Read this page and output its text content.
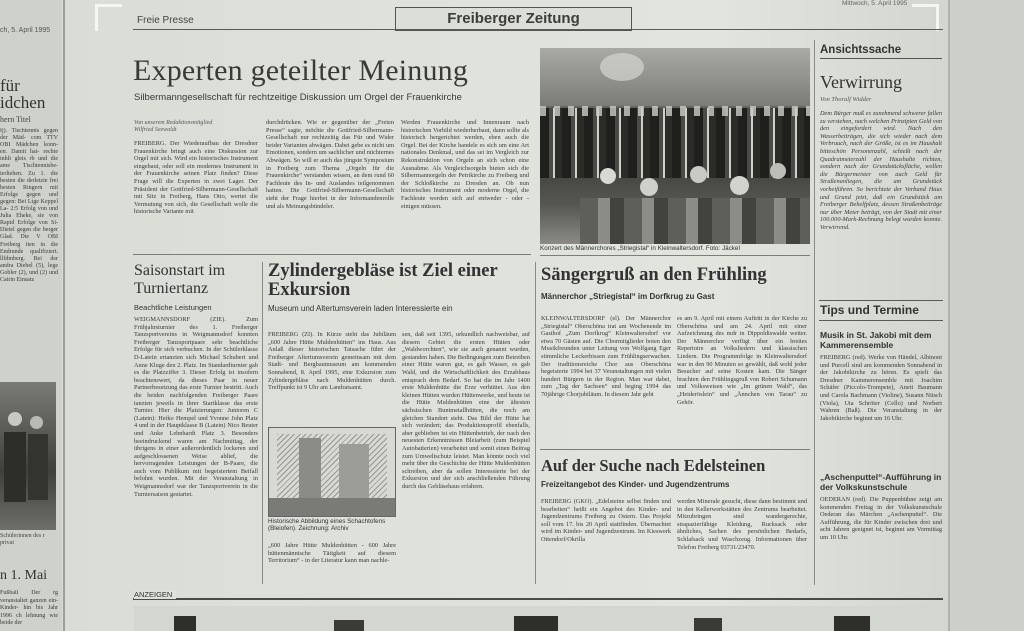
ch, 5. April 1995
für
idchen
hern Titel
fj). Tischtennis gegen der Mäd- com TTV OBI Mädchen konn- en. Damit hat- rechte inhlt gleis rb und die ame Tischtennisbe- ierliehen. Zu 1. die besten die derletzte frei besten Ringern mit Erfolge gegen und gegen: Bei Ltge Keppel La- 2:5 Erfolg von und Julia Eheke, sie von Rapid Erfolge von Si- Dietel gegen die berger Glad. Die V OBI Freiberg iten in die Endrunde qualifiziert. llfdmberg. Bei der andra Diebel (5), lege Gobler (2), und (2) und Catrin Einsatz
Schülerinnen des r privat
n 1. Mai
Fußball Der rg veranstaltet ganzen ein- Kinder- hin bis Jahr 1996 ch lehnung wte beide der
Freie Presse	Freiberger Zeitung
Mittwoch, 5. April 1995
Experten geteilter Meinung
Silbermanngesellschaft für rechtzeitige Diskussion um Orgel der Frauenkirche
Von unserem Redaktionsmitglied
Wilfried Seewaldt
FREIBERG. Der Wiederaufbau der Dresdner Frauenkirche bringt auch eine Diskussion zur Orgel mit sich. Wird ein historisches Instrument eingebaut, oder soll ein modernes Instrument in der Frauenkirche seinen Platz finden? Diese Frage will die Experten in zwei Lager. Der Präsident der Gottfried-Silbermann-Gesellschaft mit Sitz in Freiberg, Hans Otto, wertet die Vermutung von sich, die Gesellschaft wolle die historische Variante mit
durchdrücken. Wie er gegenüber der „Freien Presse“ sagte, möchte die Gottfried-Silbermann-Gesellschaft nur rechtzeitig das Für und Wider beider Varianten abwägen. Dabei gebe es nicht um Emotionen, sondern um sachlicher und nüchternes Abwägen. So will er auch das jüngste Symposium in Freiberg zum Thema „Orgeln für die Frauenkirche“ verstanden wissen, an dem rund 60 Fachleute des In- und Auslandes teilgenommen hatten. Die Gottfried-Silbermann-Gesellschaft sieht der Frage hierbei in der Informandenrolle und als Meinungsbündeler.
Werden Frauenkirche und Innenraum nach historischen Vorbild wiederherbaut, dann sollte als historisch hergerichtet werden, eben auch die Orgel. Bei der Kirche handele es sich um eine Art nationales Denkmal, und das sei im Vergleich zur Rekonstruktion von Orgeln an sich schon eine Ausnahme. Als Vergleichsorgeln bieten sich die Silbermannorgeln der Petrikirche zu Freiberg und der Schloßkirche zu Dresden an. Ob nun historisches Instrument oder moderne Orgel, die Fachleute werden sich auf entweder - oder - einigen müssen.
Konzert des Männerchores „Striegistal“ in Kleinwaltersdorf. Foto: Jäckel
Saisonstart im Turniertanz
Beachtliche Leistungen
WEIGMANNSDORF (ZIE). Zum Frühjahrsturnier des 1. Freiberger Tanzsportvereins in Weigmannsdorf konnten Freiberger Tanzsportpaare sehr beachtliche Erfolge für sich verbuchen. In der Schülerklasse D-Latein ertanzten sich Michael Schubert und Anne Kluge den 2. Platz. Im Standardturnier gab es die Platzziffer 3. Dieser Erfolg ist insofern beachtenswert, da dieses Paar in neuer Partnerbesetzung das erste Turnier bestritt. Auch die beiden nachfolgenden Freiberger Paare tanzten jeweils in ihrer Startklasse das erste Turnier. Hier die Platzierungen: Junioren C (Latein): Heiko Hempel und Yvonne John Platz 4 und in der Hauptklasse B (Latein) Nico Beuter und Anke Lehnhardt Platz 3. Besonders beeindruckend waren am Nachmittag, der übrigens in einer außerordentlich lockeren und aufgeschlossenen Weise ablief, die hervorragenden Leistungen der B-Paare, die auch vom Publikum mit begeistertem Beifall belohnt wurden. Mit der Veranstaltung in Weigmannsdorf war der Tanzsportverein in die Turniersaison gestartet.
Zylindergebläse ist Ziel einer Exkursion
Museum und Altertumsverein laden Interessierte ein
FREIBERG (ZI). In Kürze steht das Jubiläum „600 Jahre Hütte Muldenhütten“ ins Haus. Aus Anlaß dieser historischen Tatsache führt der Freiberger Altertumsverein gemeinsam mit dem Stadt- und Bergbaumuseum am kommenden Sonnabend, 8. April 1995, eine Exkursion zum Zylindergebläse nach Muldenhütten durch. Treffpunkt ist 9 Uhr am Landratsamt.
Historische Abbildung eines Schachtofens (Bleiofen). Zeichnung: Archiv
„600 Jahre Hütte Muldenhütten - 600 Jahre hüttenmännische Tätigkeit auf diesem Territorium“ - in der Literatur kann man nachle-
sen, daß seit 1395, urkundlich nachweisbar, auf diesem Gebiet die ersten Hütten oder „Waldworchten“, wie sie auch genannt wurden, gestanden haben. Die Bedingungen zum Betreiben einer Hütte waren gut, es gab Wasser, es gab Wald, und die Wirtschaftlichkeit des Erzabbaus entsprach dem Bedarf. So hat die im Jahr 1400 erste Muldenhütte die Erze verhüttet. Aus den kleinen Hütten wurden Hüttenwerke, und heute ist die Hütte Muldenhütten eine der ältesten sächsischen Buntmetallhütten, die noch am gleichen Standort steht. Das Bild der Hütte hat sich verändert; das Produktionsprofil ebenfalls, aber geblieben ist ein Hüttenbetrieb, der nach den neuesten Erkenntnissen Bleiarbeit (zum Beispiel Autobatterien) verarbeitet und somit einen Beitrag zum Umweltschutz leistet. Man könnte noch viel mehr über die Geschichte der Hütte Muldenhütten schreiben, aber da sollen Interessierte bei der Exkursion und der sich anschließenden Führung durch das Gebläsehaus erfahren.
Sängergruß an den Frühling
Männerchor „Striegistal“ im Dorfkrug zu Gast
KLEINWALTERSDORF (el). Der Männerchor „Striegistal“ Oberschöna trat am Wochenende im Gasthof „Zum Dorfkrug“ Kleinwaltersdorf vor etwa 70 Gästen auf. Die Chormitglieder boten den Musikfreunden unter Leitung von Wolfgang Eger stimmliche Leckerbissen zum Frühlingserwachen. Der traditionsreiche Chor aus Oberschöna begeisterte 1994 bei 37 Veranstaltungen mit vielen hundert Bürgern in der Region. Man war dabei, zum „Tag der Sachsen“ und beging 1994 das 70jährige Chorjubiläum. In diesem Jahr geht
es am 9. April mit einem Auftritt in der Kirche zu Oberschöna und am 24. April mit einer Aufzeichnung des mdr in Dippoldiswalde weiter. Der Männerchor verfügt über ein breites Repertoire an Volksliedern und klassischen Liedern. Die Programmfolge in Kleinwaltersdorf war in den 90 Minuten so gewählt, daß wohl jeder Besucher auf seine Kosten kam. Die Sänger brachten den Frühlingsgruß von Robert Schumann und Volksweisen wie „Im grünen Wald“, das „Heideröslein“ und „Ännchen von Tarau“ zu Gehör.
Auf der Suche nach Edelsteinen
Freizeitangebot des Kinder- und Jugendzentrums
FREIBERG (GKO). „Edelsteine selbst finden und bearbeiten“ heißt ein Angebot des Kinder- und Jugendzentrums Freiberg zu Ostern. Das Projekt soll vom 17. bis 20 April stattfinden. Übernachtet wird im Kinder- und Jugendzentrum. Im Kieswerk Ottendorf/Okrilla
werden Minerale gesucht, diese dann bestimmt und in den Kellerwerkstätten des Zentrums bearbeitet. Mitzubringen sind wandergerechte, strapazierfähige Kleidung, Rucksack oder ähnliches, Sachen des persönlichen Bedarfs, Schlafsack und Waschzeug. Informationen über Telefon Freiberg 03731/23470.
Ansichtssache
Verwirrung
Von Thoralf Widder
Dem Bürger muß es zunehmend schwerer fallen zu verstehen, nach welchen Prinzipien Geld von den eingefordert wird. Nach den Wasserbeiträgen, die sich wieder nach dem Verbrauch, nach der Größe, ist es im Haushalt bitteschön Personenzahl, schießt nach der Quadratmeterzahl der Haushalte richten, sondern nach der Grundstücksfläche, wollen die Bürgermeister von auch Geld für Straßenanliegen, die am Grundstück vorbeiführen. So berichtete der Verband Haus und Grund jetzt, daß ein Grundstück am Freiberger Behelfplatz, dessen Straßenbeiträge nur über Meter beträgt, von der Stadt mit einer 100.000-Mark-Rechnung belegt wurden konnte. Verwirrend.
Tips und Termine
Musik in St. Jakobi mit dem Kammerensemble
FREIBERG (red). Werke von Händel, Albinoni und Purcell sind am kommenden Sonnabend in der Jakobikirche zu hören. Es spielt das Dresdner Kammerensemble mit Joachim Schäfer (Piccolo-Trompete), Anett Baumann und Carola Bachmann (Violine), Susann Nitsch (Viola), Uta Schröter (Cello) und Norbert Wahren (Baß). Die Veranstaltung in der Jakobikirche beginnt um 16 Uhr.
„Aschenputtel“-Aufführung in der Volkskunstschule
OEDERAN (red). Die Puppenbühne zeigt am kommenden Freitag in der Volkskunstschule Oederan das Märchen „Aschenputtel“. Die Aufführung, die für Kinder zwischen drei und acht Jahren geeignet ist, beginnt am Vormittag um 10 Uhr.
ANZEIGEN
